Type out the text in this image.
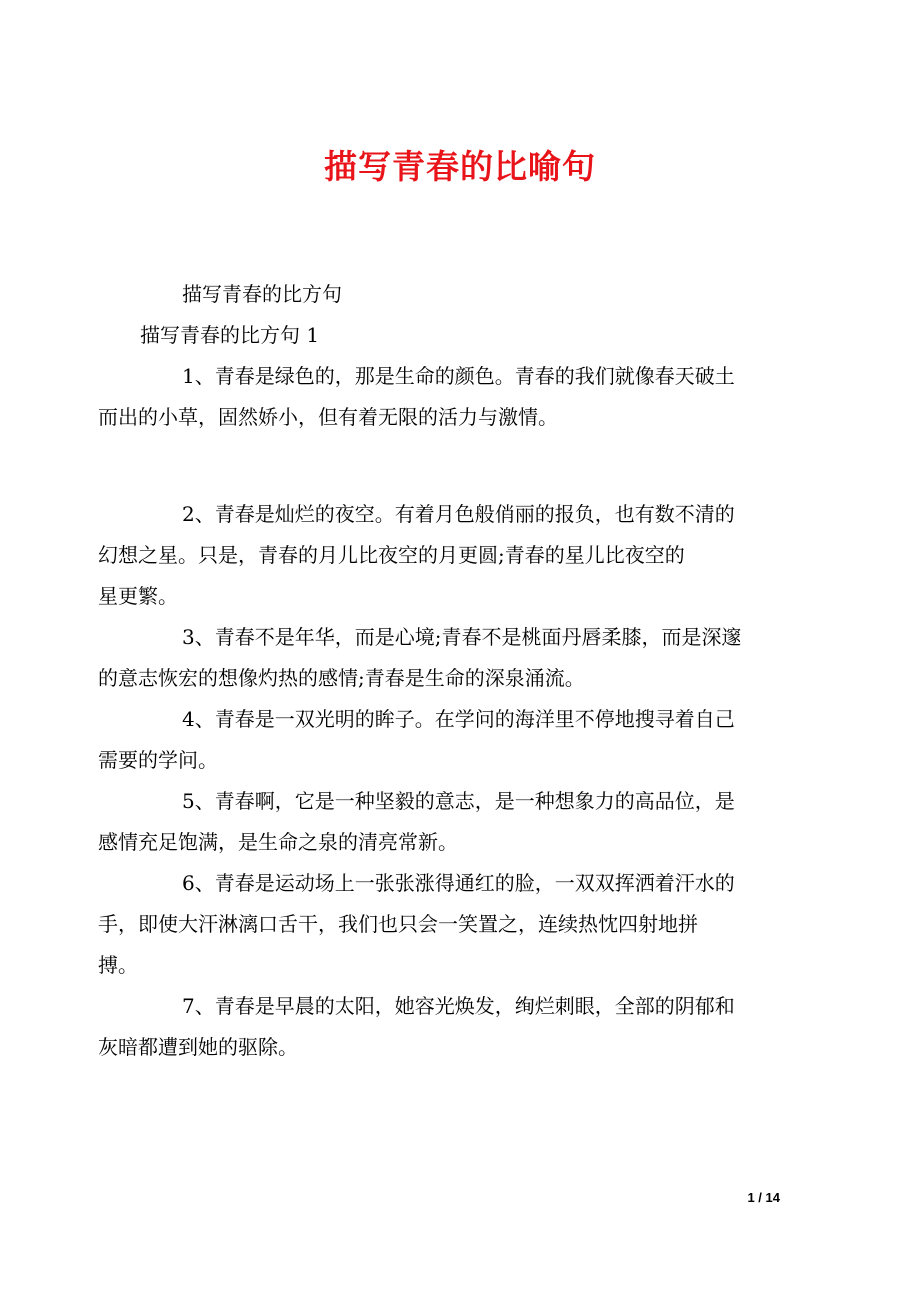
描写青春的比喻句

描写青春的比方句

描写青春的比方句 1

1、青春是绿色的，那是生命的颜色。青春的我们就像春天破土
而出的小草，固然娇小，但有着无限的活力与激情。
2、青春是灿烂的夜空。有着月色般俏丽的报负，也有数不清的
幻想之星。只是，青春的月儿比夜空的月更圆;青春的星儿比夜空的
星更繁。
3、青春不是年华，而是心境;青春不是桃面丹唇柔膝，而是深邃
的意志恢宏的想像灼热的感情;青春是生命的深泉涌流。
4、青春是一双光明的眸子。在学问的海洋里不停地搜寻着自己
需要的学问。
5、青春啊，它是一种坚毅的意志，是一种想象力的高品位，是
感情充足饱满，是生命之泉的清亮常新。
6、青春是运动场上一张张涨得通红的脸，一双双挥洒着汗水的
手，即使大汗淋漓口舌干，我们也只会一笑置之，连续热忱四射地拼
搏。
7、青春是早晨的太阳，她容光焕发，绚烂刺眼，全部的阴郁和
灰暗都遭到她的驱除。
1 / 14
